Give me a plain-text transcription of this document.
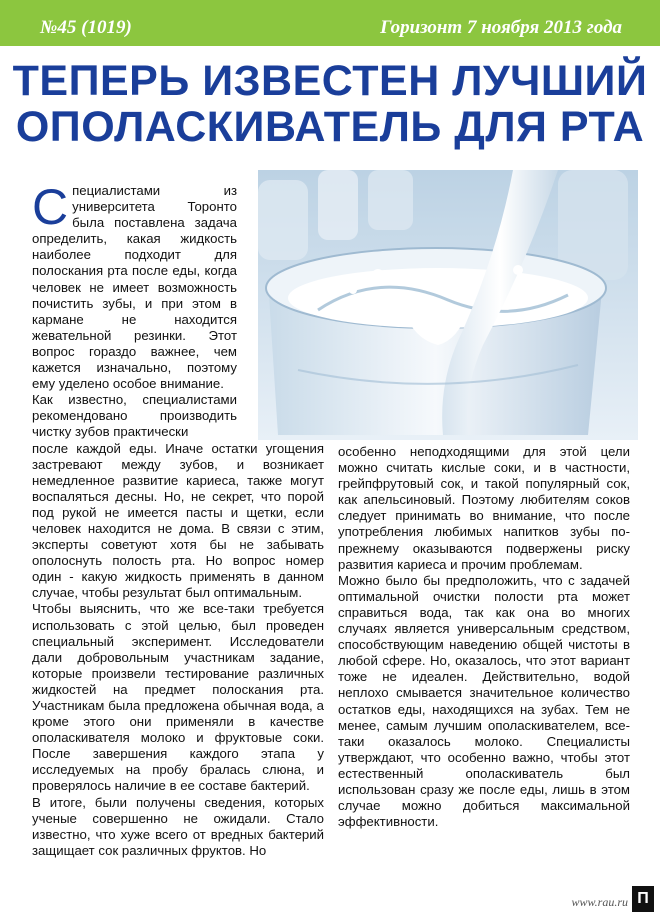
№45 (1019)	Горизонт 7 ноября 2013 года
ТЕПЕРЬ ИЗВЕСТЕН ЛУЧШИЙ
ОПОЛАСКИВАТЕЛЬ ДЛЯ РТА
Специалистами из университета Торонто была поставлена задача определить, какая жидкость наиболее подходит для полоскания рта после еды, когда человек не имеет возможность почистить зубы, и при этом в кармане не находится жевательной резинки. Этот вопрос гораздо важнее, чем кажется изначально, поэтому ему уделено особое внимание.

Как известно, специалистами рекомендовано производить чистку зубов практически

после каждой еды. Иначе остатки угощения застревают между зубов, и возникает немедленное развитие кариеса, также могут воспаляться десны. Но, не секрет, что порой под рукой не имеется пасты и щетки, если человек находится не дома. В связи с этим, эксперты советуют хотя бы не забывать ополоснуть полость рта. Но вопрос номер один - какую жидкость применять в данном случае, чтобы результат был оптимальным.

Чтобы выяснить, что же все-таки требуется использовать с этой целью, был проведен специальный эксперимент. Исследователи дали добровольным участникам задание, которые произвели тестирование различных жидкостей на предмет полоскания рта. Участникам была предложена обычная вода, а кроме этого они применяли в качестве ополаскивателя молоко и фруктовые соки. После завершения каждого этапа у исследуемых на пробу бралась слюна, и проверялось наличие в ее составе бактерий.

В итоге, были получены сведения, которых ученые совершенно не ожидали. Стало известно, что хуже всего от вредных бактерий защищает сок различных фруктов. Но

особенно неподходящими для этой цели можно считать кислые соки, и в частности, грейпфрутовый сок, и такой популярный сок, как апельсиновый. Поэтому любителям соков следует принимать во внимание, что после употребления любимых напитков зубы по-прежнему оказываются подвержены риску развития кариеса и прочим проблемам.

Можно было бы предположить, что с задачей оптимальной очистки полости рта может справиться вода, так как она во многих случаях является универсальным средством, способствующим наведению общей чистоты в любой сфере. Но, оказалось, что этот вариант тоже не идеален. Действительно, водой неплохо смывается значительное количество остатков еды, находящихся на зубах. Тем не менее, самым лучшим ополаскивателем, все-таки оказалось молоко. Специалисты утверждают, что особенно важно, чтобы этот естественный ополаскиватель был использован сразу же после еды, лишь в этом случае можно добиться максимальной эффективности.

www.rau.ru П
